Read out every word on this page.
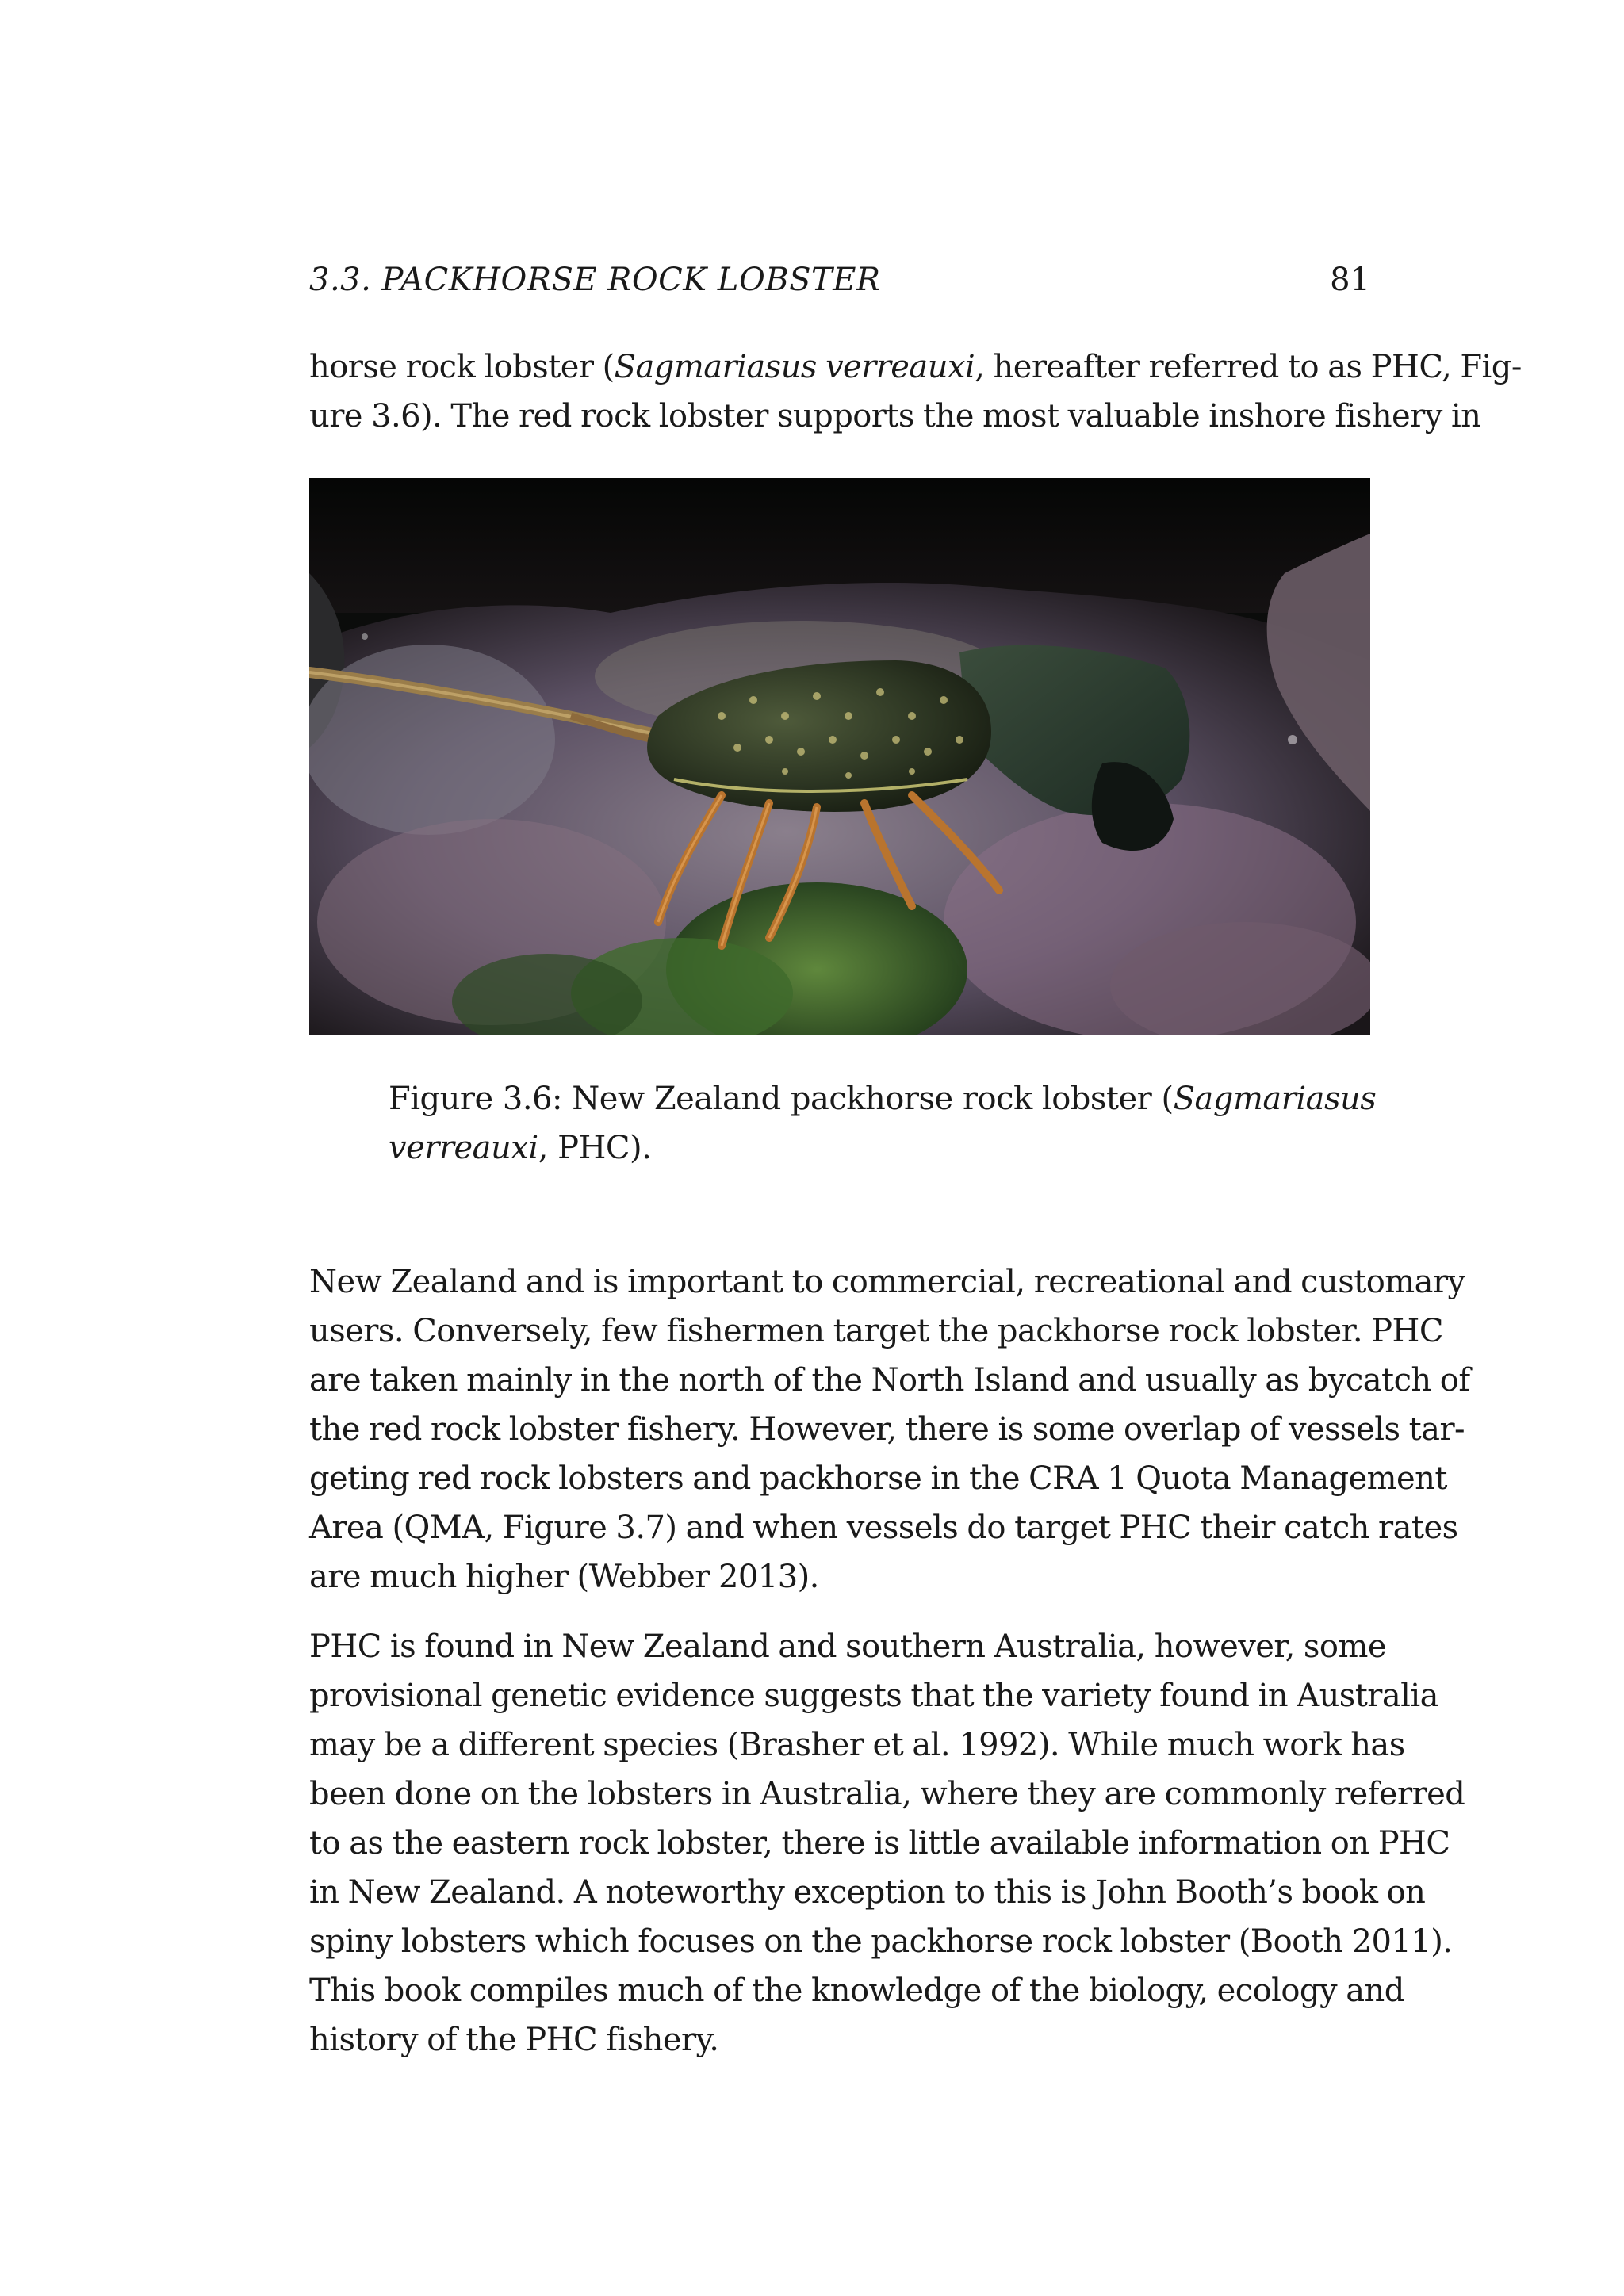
3.3. PACKHORSE ROCK LOBSTER	81
horse rock lobster (Sagmariasus verreauxi, hereafter referred to as PHC, Fig-
ure 3.6). The red rock lobster supports the most valuable inshore fishery in
Figure 3.6: New Zealand packhorse rock lobster (Sagmariasus
verreauxi, PHC).
New Zealand and is important to commercial, recreational and customary
users. Conversely, few fishermen target the packhorse rock lobster. PHC
are taken mainly in the north of the North Island and usually as bycatch of
the red rock lobster fishery. However, there is some overlap of vessels tar-
geting red rock lobsters and packhorse in the CRA 1 Quota Management
Area (QMA, Figure 3.7) and when vessels do target PHC their catch rates
are much higher (Webber 2013).
PHC is found in New Zealand and southern Australia, however, some
provisional genetic evidence suggests that the variety found in Australia
may be a different species (Brasher et al. 1992). While much work has
been done on the lobsters in Australia, where they are commonly referred
to as the eastern rock lobster, there is little available information on PHC
in New Zealand. A noteworthy exception to this is John Booth’s book on
spiny lobsters which focuses on the packhorse rock lobster (Booth 2011).
This book compiles much of the knowledge of the biology, ecology and
history of the PHC fishery.
